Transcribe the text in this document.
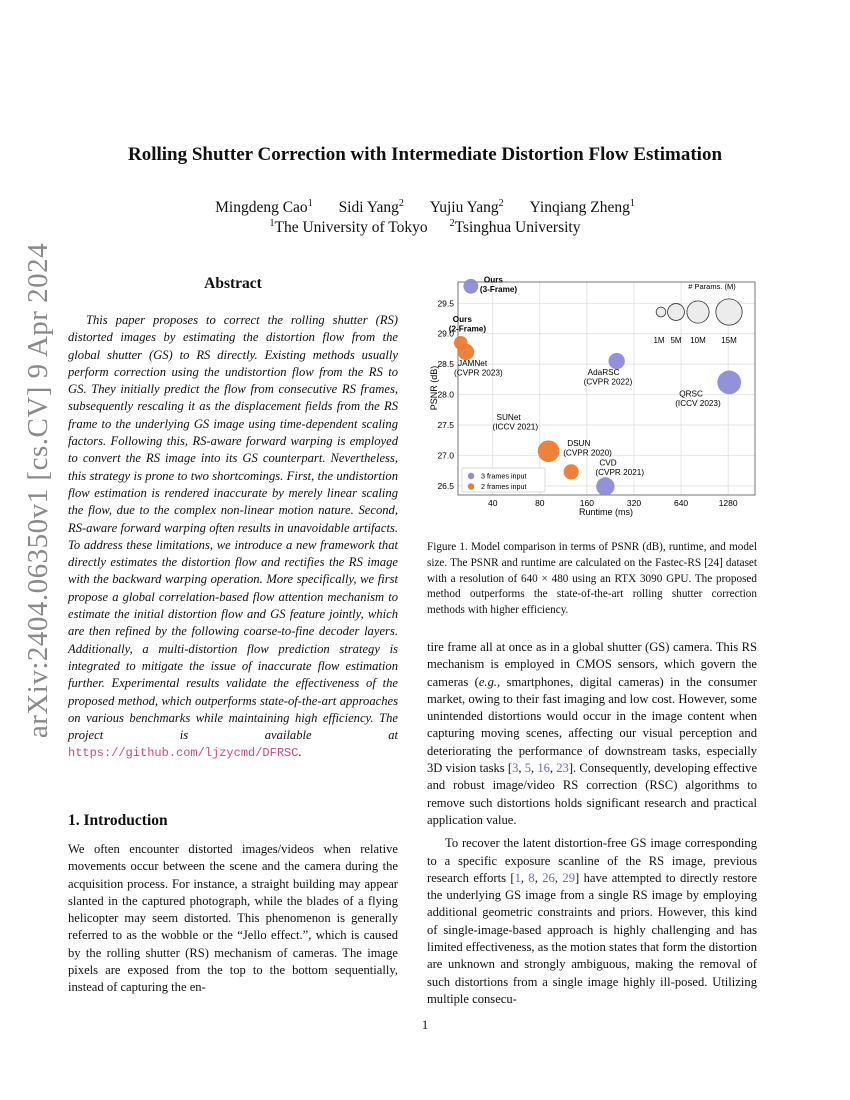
arXiv:2404.06350v1 [cs.CV] 9 Apr 2024
Rolling Shutter Correction with Intermediate Distortion Flow Estimation
Mingdeng Cao$^1$ Sidi Yang$^2$ Yujiu Yang$^2$ Yinqiang Zheng$^1$
$^1$The University of Tokyo $^2$Tsinghua University
Abstract

This paper proposes to correct the rolling shutter (RS) distorted images by estimating the distortion flow from the global shutter (GS) to RS directly. Existing methods usually perform correction using the undistortion flow from the RS to GS. They initially predict the flow from consecutive RS frames, subsequently rescaling it as the displacement fields from the RS frame to the underlying GS image using time-dependent scaling factors. Following this, RS-aware forward warping is employed to convert the RS image into its GS counterpart. Nevertheless, this strategy is prone to two shortcomings. First, the undistortion flow estimation is rendered inaccurate by merely linear scaling the flow, due to the complex non-linear motion nature. Second, RS-aware forward warping often results in unavoidable artifacts. To address these limitations, we introduce a new framework that directly estimates the distortion flow and rectifies the RS image with the backward warping operation. More specifically, we first propose a global correlation-based flow attention mechanism to estimate the initial distortion flow and GS feature jointly, which are then refined by the following coarse-to-fine decoder layers. Additionally, a multi-distortion flow prediction strategy is integrated to mitigate the issue of inaccurate flow estimation further. Experimental results validate the effectiveness of the proposed method, which outperforms state-of-the-art approaches on various benchmarks while maintaining high efficiency. The project is available at https://github.com/ljzycmd/DFRSC.

1. Introduction

We often encounter distorted images/videos when relative movements occur between the scene and the camera during the acquisition process. For instance, a straight building may appear slanted in the captured photograph, while the blades of a flying helicopter may seem distorted. This phenomenon is generally referred to as the wobble or the “Jello effect.”, which is caused by the rolling shutter (RS) mechanism of cameras. The image pixels are exposed from the top to the bottom sequentially, instead of capturing the en-

40	80	160	320	640	1280
26.5
27.0
27.5
28.0
28.5
29.0
29.5
Runtime (ms)
PSNR (dB)
# Params. (M)
1M 5M 10M 15M
Ours
(3-Frame)
Ours
(2-Frame)
JAMNet
(CVPR 2023)	AdaRSC
(CVPR 2022)
QRSC
(ICCV 2023)
SUNet
(ICCV 2021)
DSUN
(CVPR 2020)
CVD
(CVPR 2021)
3 frames input
2 frames input

Figure 1. Model comparison in terms of PSNR (dB), runtime, and model size. The PSNR and runtime are calculated on the Fastec-RS [24] dataset with a resolution of 640 × 480 using an RTX 3090 GPU. The proposed method outperforms the state-of-the-art rolling shutter correction methods with higher efficiency.

tire frame all at once as in a global shutter (GS) camera. This RS mechanism is employed in CMOS sensors, which govern the cameras (e.g., smartphones, digital cameras) in the consumer market, owing to their fast imaging and low cost. However, some unintended distortions would occur in the image content when capturing moving scenes, affecting our visual perception and deteriorating the performance of downstream tasks, especially 3D vision tasks [3, 5, 16, 23]. Consequently, developing effective and robust image/video RS correction (RSC) algorithms to remove such distortions holds significant research and practical application value.

To recover the latent distortion-free GS image corresponding to a specific exposure scanline of the RS image, previous research efforts [1, 8, 26, 29] have attempted to directly restore the underlying GS image from a single RS image by employing additional geometric constraints and priors. However, this kind of single-image-based approach is highly challenging and has limited effectiveness, as the motion states that form the distortion are unknown and strongly ambiguous, making the removal of such distortions from a single image highly ill-posed. Utilizing multiple consecu-

1
